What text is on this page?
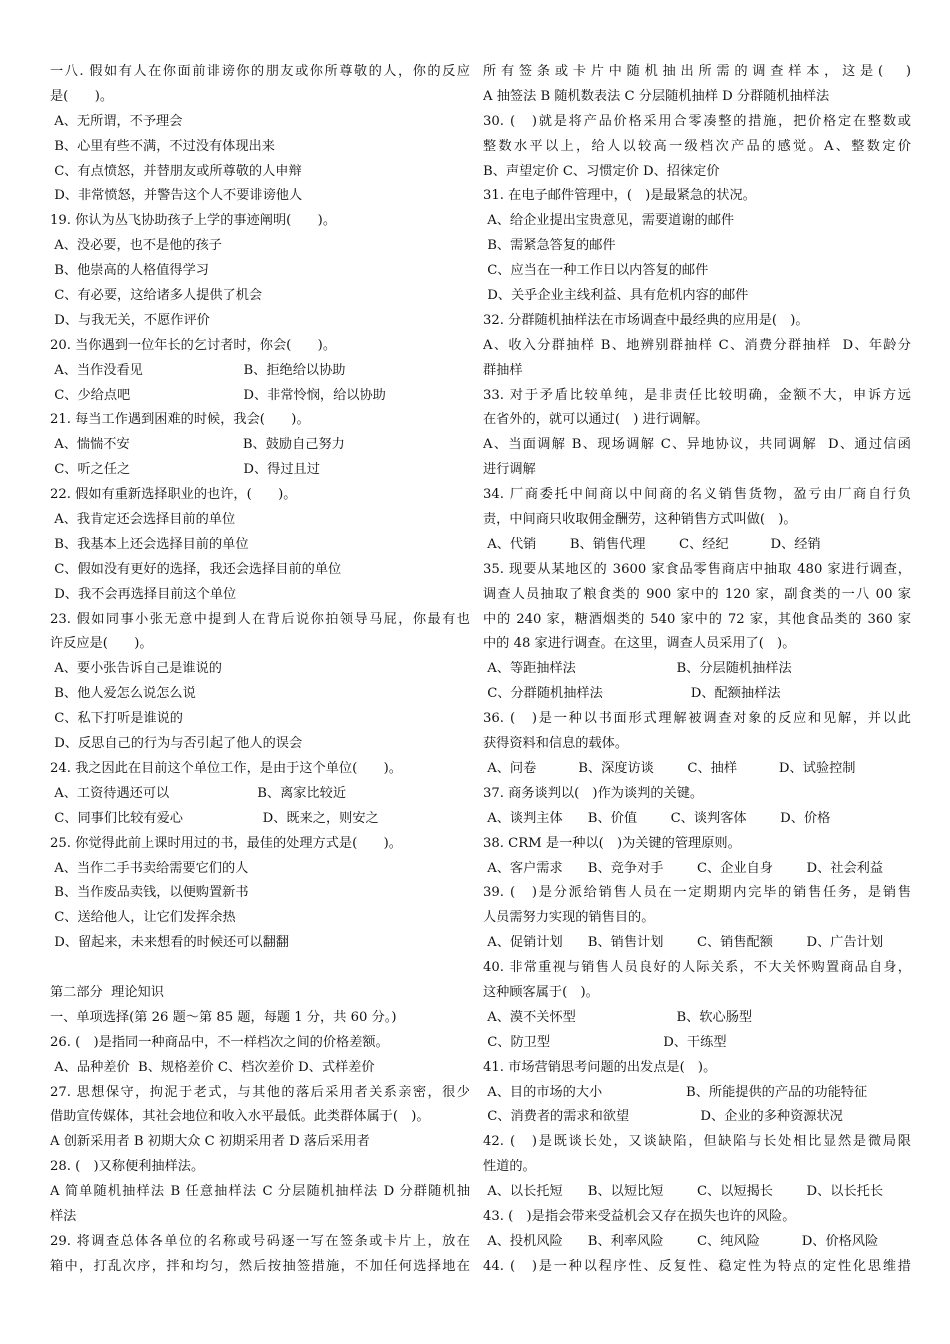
一八. 假如有人在你面前诽谤你的朋友或你所尊敬的人，你的反应
是(　　)。
A、无所谓，不予理会
B、心里有些不满，不过没有体现出来
C、有点愤怒，并替朋友或所尊敬的人申辩
D、非常愤怒，并警告这个人不要诽谤他人
19. 你认为丛飞协助孩子上学的事迹阐明(　　)。
A、没必要，也不是他的孩子
B、他崇高的人格值得学习
C、有必要，这给诸多人提供了机会
D、与我无关，不愿作评价
20. 当你遇到一位年长的乞讨者时，你会(　　)。
A、当作没看见                        B、拒绝给以协助
C、少给点吧                           D、非常怜悯，给以协助
21. 每当工作遇到困难的时候，我会(　　)。
A、惴惴不安                           B、鼓励自己努力
C、听之任之                           D、得过且过
22. 假如有重新选择职业的也许，(　　)。
A、我肯定还会选择目前的单位
B、我基本上还会选择目前的单位
C、假如没有更好的选择，我还会选择目前的单位
D、我不会再选择目前这个单位
23. 假如同事小张无意中提到人在背后说你拍领导马屁，你最有也
许反应是(　　)。
A、要小张告诉自己是谁说的
B、他人爱怎么说怎么说
C、私下打听是谁说的
D、反思自己的行为与否引起了他人的误会
24. 我之因此在目前这个单位工作，是由于这个单位(　　)。
A、工资待遇还可以                     B、离家比较近
C、同事们比较有爱心                   D、既来之，则安之
25. 你觉得此前上课时用过的书，最佳的处理方式是(　　)。
A、当作二手书卖给需要它们的人
B、当作废品卖钱，以便购置新书
C、送给他人，让它们发挥余热
D、留起来，未来想看的时候还可以翻翻
第二部分  理论知识
一、单项选择(第 26 题～第 85 题，每题 1 分，共 60 分。)
26. (　)是指同一种商品中，不一样档次之间的价格差额。
A、品种差价  B、规格差价 C、档次差价 D、式样差价
27. 思想保守，拘泥于老式，与其他的落后采用者关系亲密，很少
借助宣传媒体，其社会地位和收入水平最低。此类群体属于(　)。
A 创新采用者 B 初期大众 C 初期采用者 D 落后采用者
28. (　)又称便利抽样法。
A 简单随机抽样法 B 任意抽样法 C 分层随机抽样法 D 分群随机抽
样法
29. 将调查总体各单位的名称或号码逐一写在签条或卡片上，放在
箱中，打乱次序，拌和均匀，然后按抽签措施，不加任何选择地在
所有签条或卡片中随机抽出所需的调查样本，这是(　)
A 抽签法 B 随机数表法 C 分层随机抽样 D 分群随机抽样法
30. (　)就是将产品价格采用合零凑整的措施，把价格定在整数或
整数水平以上，给人以较高一级档次产品的感觉。A、整数定价
B、声望定价 C、习惯定价 D、招徕定价
31. 在电子邮件管理中，(　)是最紧急的状况。
A、给企业提出宝贵意见，需要道谢的邮件
B、需紧急答复的邮件
C、应当在一种工作日以内答复的邮件
D、关乎企业主线利益、具有危机内容的邮件
32. 分群随机抽样法在市场调查中最经典的应用是(　)。
A、收入分群抽样 B、地辨别群抽样 C、消费分群抽样  D、年龄分
群抽样
33. 对于矛盾比较单纯，是非责任比较明确，金额不大，申诉方远
在省外的，就可以通过(　) 进行调解。
A、当面调解 B、现场调解 C、异地协议，共同调解  D、通过信函
进行调解
34. 厂商委托中间商以中间商的名义销售货物，盈亏由厂商自行负
责，中间商只收取佣金酬劳，这种销售方式叫做(　)。
A、代销        B、销售代理        C、经纪          D、经销
35. 现要从某地区的 3600 家食品零售商店中抽取 480 家进行调查，
调查人员抽取了粮食类的 900 家中的 120 家，副食类的一八 00 家
中的 240 家，糖酒烟类的 540 家中的 72 家，其他食品类的 360 家
中的 48 家进行调查。在这里，调查人员采用了(　)。
A、等距抽样法                        B、分层随机抽样法
C、分群随机抽样法                     D、配额抽样法
36. (　)是一种以书面形式理解被调查对象的反应和见解，并以此
获得资料和信息的载体。
A、问卷          B、深度访谈        C、抽样          D、试验控制
37. 商务谈判以(　)作为谈判的关键。
A、谈判主体      B、价值        C、谈判客体        D、价格
38. CRM 是一种以(　)为关键的管理原则。
A、客户需求      B、竞争对手        C、企业自身        D、社会利益
39. (　)是分派给销售人员在一定期期内完毕的销售任务，是销售
人员需努力实现的销售目的。
A、促销计划      B、销售计划        C、销售配额        D、广告计划
40. 非常重视与销售人员良好的人际关系，不大关怀购置商品自身，
这种顾客属于(　)。
A、漠不关怀型                        B、软心肠型
C、防卫型                           D、干练型
41. 市场营销思考问题的出发点是(　)。
A、目的市场的大小                    B、所能提供的产品的功能特征
C、消费者的需求和欲望                 D、企业的多种资源状况
42. (　)是既谈长处，又谈缺陷，但缺陷与长处相比显然是微局限
性道的。
A、以长托短      B、以短比短        C、以短揭长        D、以长托长
43. (　)是指会带来受益机会又存在损失也许的风险。
A、投机风险      B、利率风险        C、纯风险          D、价格风险
44. (　)是一种以程序性、反复性、稳定性为特点的定性化思维措
